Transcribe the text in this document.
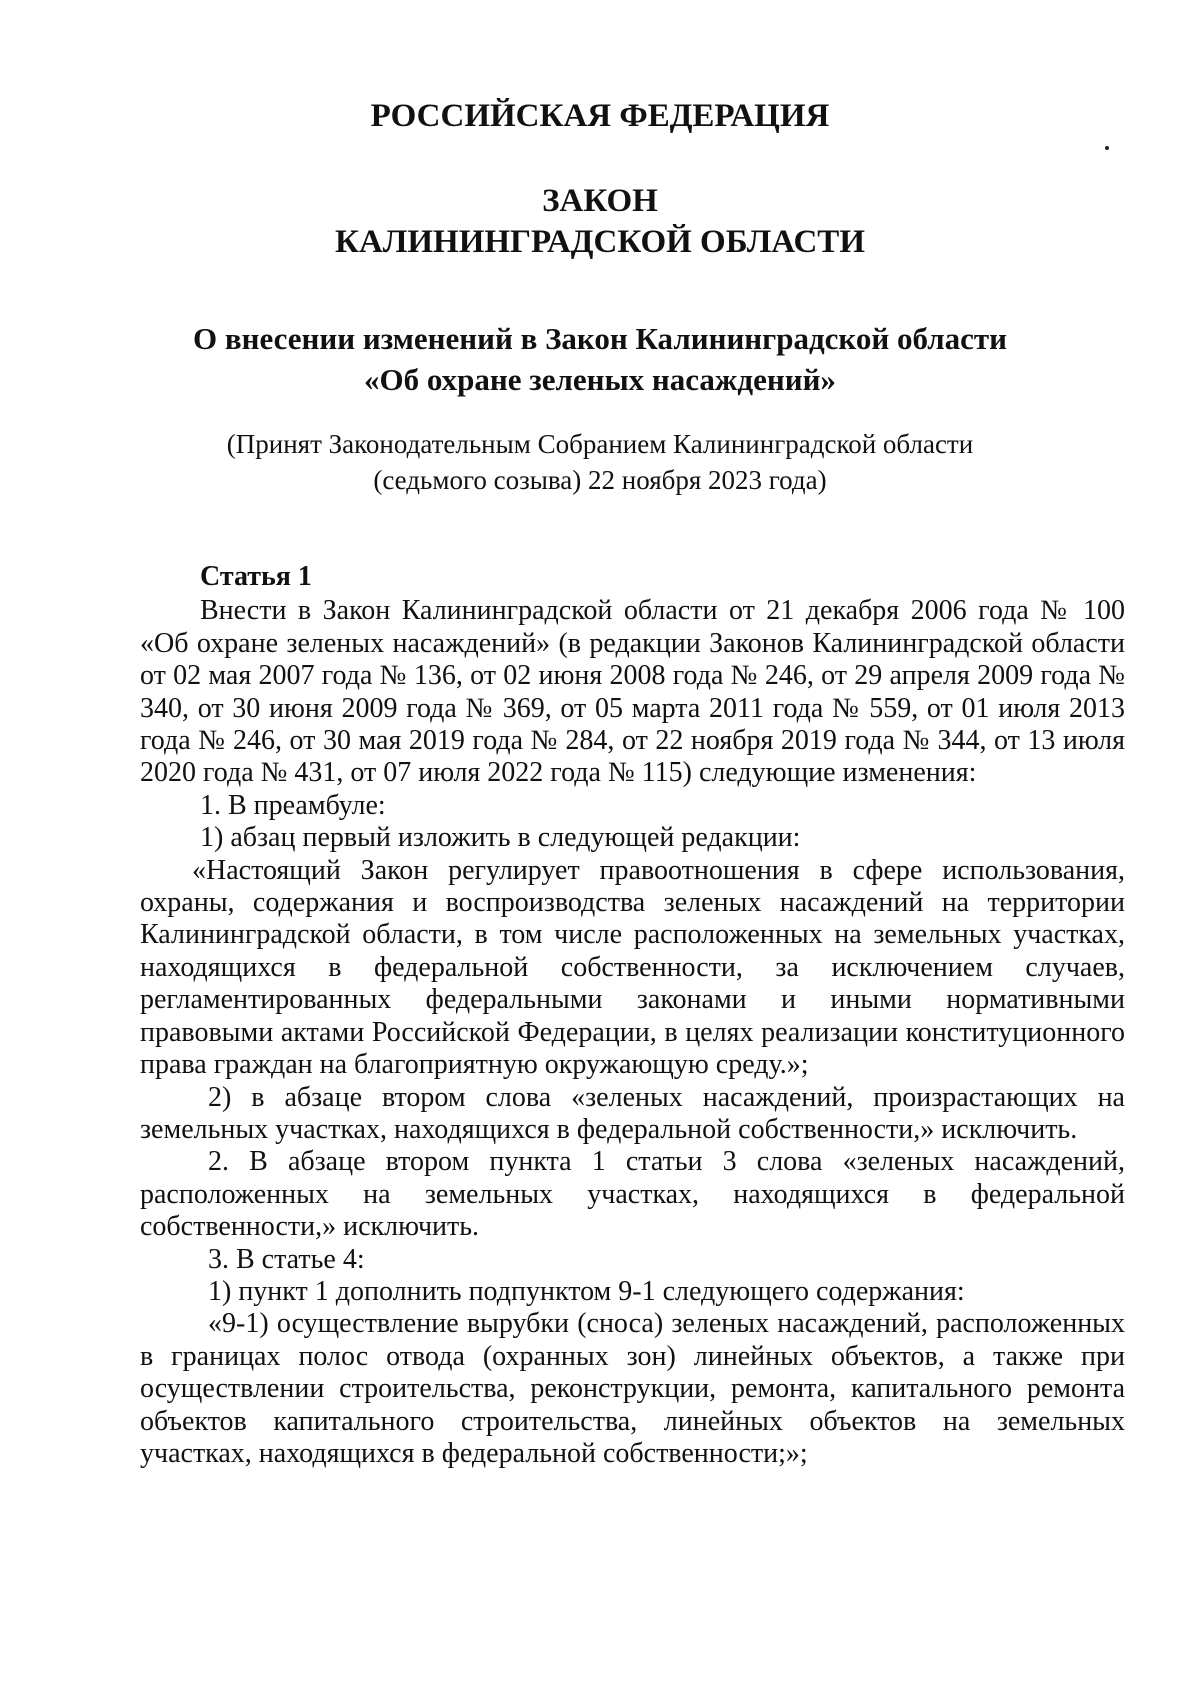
РОССИЙСКАЯ ФЕДЕРАЦИЯ
ЗАКОН
КАЛИНИНГРАДСКОЙ ОБЛАСТИ
О внесении изменений в Закон Калининградской области
«Об охране зеленых насаждений»
(Принят Законодательным Собранием Калининградской области
(седьмого созыва) 22 ноября 2023 года)

Статья 1

Внести в Закон Калининградской области от 21 декабря 2006 года № 100 «Об охране зеленых насаждений» (в редакции Законов Калининградской области от 02 мая 2007 года № 136, от 02 июня 2008 года № 246, от 29 апреля 2009 года № 340, от 30 июня 2009 года № 369, от 05 марта 2011 года № 559, от 01 июля 2013 года № 246, от 30 мая 2019 года № 284, от 22 ноября 2019 года № 344, от 13 июля 2020 года № 431, от 07 июля 2022 года № 115) следующие изменения:

1. В преамбуле:

1) абзац первый изложить в следующей редакции:

«Настоящий Закон регулирует правоотношения в сфере использования, охраны, содержания и воспроизводства зеленых насаждений на территории Калининградской области, в том числе расположенных на земельных участках, находящихся в федеральной собственности, за исключением случаев, регламентированных федеральными законами и иными нормативными правовыми актами Российской Федерации, в целях реализации конституционного права граждан на благоприятную окружающую среду.»;

2) в абзаце втором слова «зеленых насаждений, произрастающих на земельных участках, находящихся в федеральной собственности,» исключить.

2. В абзаце втором пункта 1 статьи 3 слова «зеленых насаждений, расположенных на земельных участках, находящихся в федеральной собственности,» исключить.

3. В статье 4:

1) пункт 1 дополнить подпунктом 9-1 следующего содержания:

«9-1) осуществление вырубки (сноса) зеленых насаждений, расположенных в границах полос отвода (охранных зон) линейных объектов, а также при осуществлении строительства, реконструкции, ремонта, капитального ремонта объектов капитального строительства, линейных объектов на земельных участках, находящихся в федеральной собственности;»;
